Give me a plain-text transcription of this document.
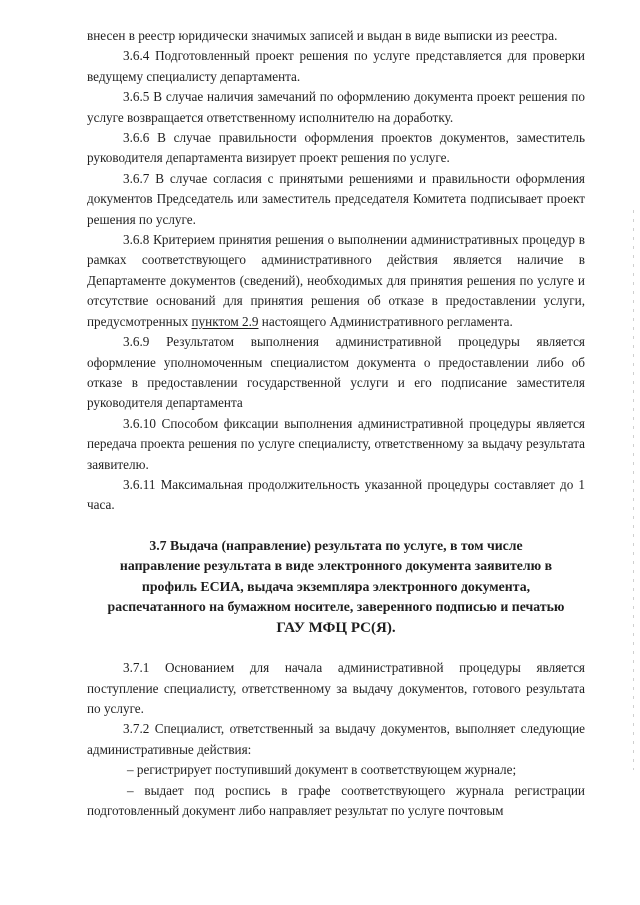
внесен в реестр юридически значимых записей и выдан в виде выписки из реестра.

3.6.4 Подготовленный проект решения по услуге представляется для проверки ведущему специалисту департамента.

3.6.5 В случае наличия замечаний по оформлению документа проект решения по услуге возвращается ответственному исполнителю на доработку.

3.6.6 В случае правильности оформления проектов документов, заместитель руководителя департамента визирует проект решения по услуге.

3.6.7 В случае согласия с принятыми решениями и правильности оформления документов Председатель или заместитель председателя Комитета подписывает проект решения по услуге.

3.6.8 Критерием принятия решения о выполнении административных процедур в рамках соответствующего административного действия является наличие в Департаменте документов (сведений), необходимых для принятия решения по услуге и отсутствие оснований для принятия решения об отказе в предоставлении услуги, предусмотренных пунктом 2.9 настоящего Административного регламента.

3.6.9 Результатом выполнения административной процедуры является оформление уполномоченным специалистом документа о предоставлении либо об отказе в предоставлении государственной услуги и его подписание заместителя руководителя департамента

3.6.10 Способом фиксации выполнения административной процедуры является передача проекта решения по услуге специалисту, ответственному за выдачу результата заявителю.

3.6.11 Максимальная продолжительность указанной процедуры составляет до 1 часа.

3.7 Выдача (направление) результата по услуге, в том числе
направление результата в виде электронного документа заявителю в
профиль ЕСИА, выдача экземпляра электронного документа,
распечатанного на бумажном носителе, заверенного подписью и печатью
ГАУ МФЦ РС(Я).

3.7.1 Основанием для начала административной процедуры является поступление специалисту, ответственному за выдачу документов, готового результата по услуге.

3.7.2 Специалист, ответственный за выдачу документов, выполняет следующие административные действия:

– регистрирует поступивший документ в соответствующем журнале;

– выдает под роспись в графе соответствующего журнала регистрации подготовленный документ либо направляет результат по услуге почтовым
